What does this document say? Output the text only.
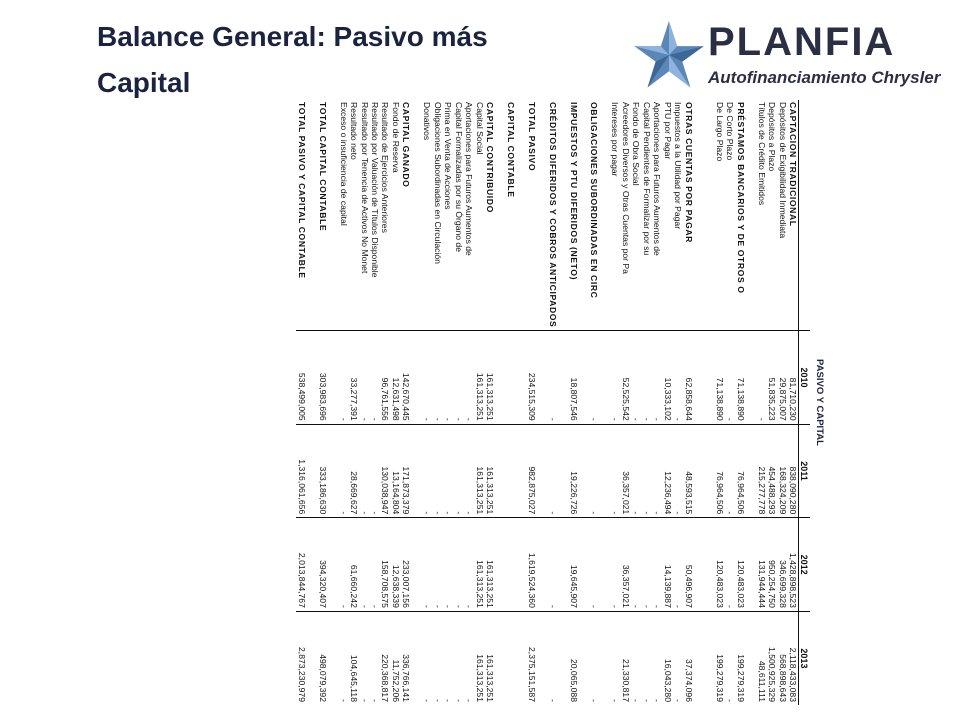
Balance General: Pasivo más Capital
PLANFIA
Autofinanciamiento Chrysler
PASIVO Y CAPITAL
	2010	2011	2012	2013
CAPTACION TRADICIONAL	81,710,230	838,090,280	1,428,898,523	2,118,433,083
Depósitos de Exigibilidad Inmediata	29,875,007	168,324,209	346,699,328	568,898,643
Depósitos a Plazo	51,835,223	454,488,293	950,254,750	1,500,925,329
Títulos de Crédito Emitidos	-	215,277,778	131,944,444	48,611,111

PRÉSTAMOS BANCARIOS Y DE OTROS O	71,138,890	76,964,506	120,483,023	199,279,319
De Corto Plazo	-	-	-	-
De Largo Plazo	71,138,890	76,964,506	120,483,023	199,279,319

OTRAS CUENTAS POR PAGAR	62,858,644	48,593,515	50,496,907	37,374,096
Impuestos a la Utilidad por Pagar	-	-	-	-
PTU por Pagar	10,333,102	12,236,494	14,139,887	16,043,280
Aportaciones para Futuros Aumentos de	-	-	-	-
Capital Pendientes de Formalizar por su	-	-	-	-
Fondo de Obra Social	-	-	-	-
Acreedores Diversos y Otras Cuentas por Pa	52,525,542	36,357,021	36,357,021	21,330,817
Intereses por pagar	-	-	-	-

OBLIGACIONES SUBORDINADAS EN CIRC	-	-	-	-

IMPUESTOS Y PTU DIFERIDOS (NETO)	18,807,546	19,226,726	19,645,907	20,065,088

CRÉDITOS DIFERIDOS Y COBROS ANTICIPADOS	-	-	-	-

TOTAL PASIVO	234,515,309	982,875,027	1,619,524,360	2,375,151,587

CAPITAL CONTABLE				

CAPITAL CONTRIBUIDO	161,313,251	161,313,251	161,313,251	161,313,251
Capital Social	161,313,251	161,313,251	161,313,251	161,313,251
Aportaciones para Futuros Aumentos de	-	-	-	-
Capital Formalizadas por su Órgano de	-	-	-	-
Prima en Venta de Acciones	-	-	-	-
Obligaciones Subordinadas en Circulación	-	-	-	-
Donativos	-	-	-	-

CAPITAL GANADO	142,670,445	171,873,379	233,007,156	336,766,141
Fondo de Reserva	12,631,498	13,164,804	12,638,339	11,752,206
Resultado de Ejercicios Anteriores	96,761,556	130,038,947	158,708,575	220,368,817
Resultado por Valuación de Títulos Disponible	-	-	-	-
Resultado por Tenencia de Activos No Monet	-	-	-	-
Resultado neto	33,277,391	28,669,627	61,660,242	104,645,118
Exceso o insuficiencia de capital	-	-	-	-

TOTAL CAPITAL CONTABLE	303,983,696	333,186,630	394,320,407	498,079,392

TOTAL PASIVO Y CAPITAL CONTABLE	538,499,005	1,316,061,656	2,013,844,767	2,873,230,979
